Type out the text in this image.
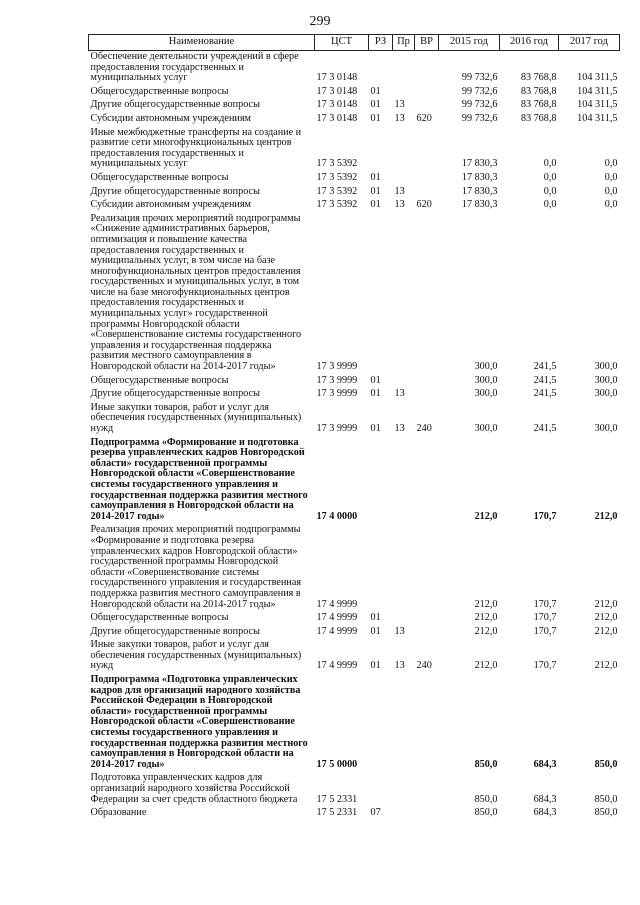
299
Наименование	ЦСТ	РЗ	Пр	ВР	2015 год	2016 год	2017 год
Обеспечение деятельности учреждений в сфере предоставления государственных и муниципальных услуг	17 3 0148				99 732,6	83 768,8	104 311,5
Общегосударственные вопросы	17 3 0148	01			99 732,6	83 768,8	104 311,5
Другие общегосударственные вопросы	17 3 0148	01	13		99 732,6	83 768,8	104 311,5
Субсидии автономным учреждениям	17 3 0148	01	13	620	99 732,6	83 768,8	104 311,5
Иные межбюджетные трансферты на создание и развитие сети многофункциональных центров предоставления государственных и муниципальных услуг	17 3 5392				17 830,3	0,0	0,0
Общегосударственные вопросы	17 3 5392	01			17 830,3	0,0	0,0
Другие общегосударственные вопросы	17 3 5392	01	13		17 830,3	0,0	0,0
Субсидии автономным учреждениям	17 3 5392	01	13	620	17 830,3	0,0	0,0
Реализация прочих мероприятий подпрограммы «Снижение административных барьеров, оптимизация и повышение качества предоставления государственных и муниципальных услуг, в том числе на базе многофункциональных центров предоставления государственных и муниципальных услуг, в том числе на базе многофункциональных центров предоставления государственных и муниципальных услуг» государственной программы Новгородской области «Совершенствование системы государственного управления и государственная поддержка развития местного самоуправления в Новгородской области на 2014-2017 годы»	17 3 9999				300,0	241,5	300,0
Общегосударственные вопросы	17 3 9999	01			300,0	241,5	300,0
Другие общегосударственные вопросы	17 3 9999	01	13		300,0	241,5	300,0
Иные закупки товаров, работ и услуг для обеспечения государственных (муниципальных) нужд	17 3 9999	01	13	240	300,0	241,5	300,0
Подпрограмма «Формирование и подготовка резерва управленческих кадров Новгородской области» государственной программы Новгородской области «Совершенствование системы государственного управления и государственная поддержка развития местного самоуправления в Новгородской области на 2014-2017 годы»	17 4 0000				212,0	170,7	212,0
Реализация прочих мероприятий подпрограммы «Формирование и подготовка резерва управленческих кадров Новгородской области» государственной программы Новгородской области «Совершенствование системы государственного управления и государственная поддержка развития местного самоуправления в Новгородской области на 2014-2017 годы»	17 4 9999				212,0	170,7	212,0
Общегосударственные вопросы	17 4 9999	01			212,0	170,7	212,0
Другие общегосударственные вопросы	17 4 9999	01	13		212,0	170,7	212,0
Иные закупки товаров, работ и услуг для обеспечения государственных (муниципальных) нужд	17 4 9999	01	13	240	212,0	170,7	212,0
Подпрограмма «Подготовка управленческих кадров для организаций народного хозяйства Российской Федерации в Новгородской области» государственной программы Новгородской области «Совершенствование системы государственного управления и государственная поддержка развития местного самоуправления в Новгородской области на 2014-2017 годы»	17 5 0000				850,0	684,3	850,0
Подготовка управленческих кадров для организаций народного хозяйства Российской Федерации за счет средств областного бюджета	17 5 2331				850,0	684,3	850,0
Образование	17 5 2331	07			850,0	684,3	850,0
